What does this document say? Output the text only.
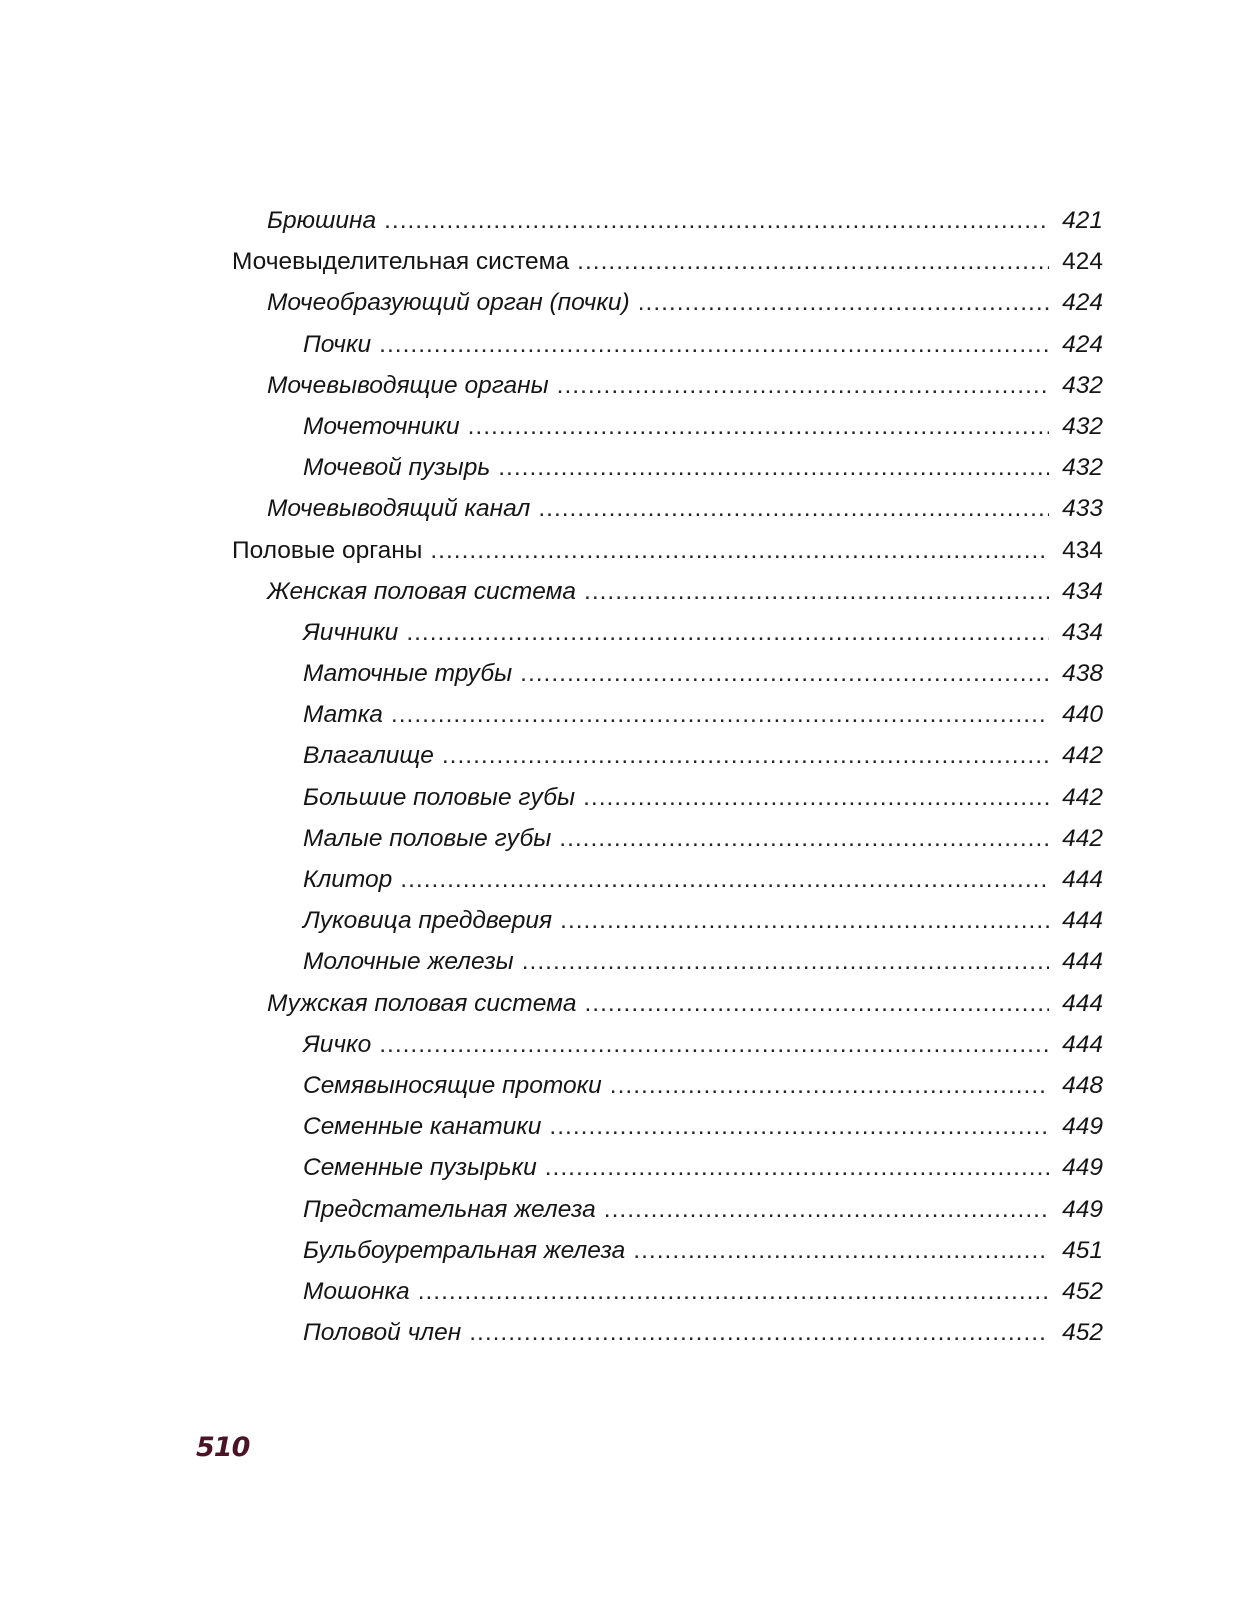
Брюшина .....	421
Мочевыделительная система .....	424
Мочеобразующий орган (почки) .....	424
Почки .....	424
Мочевыводящие органы .....	432
Мочеточники .....	432
Мочевой пузырь .....	432
Мочевыводящий канал .....	433
Половые органы .....	434
Женская половая система .....	434
Яичники .....	434
Маточные трубы .....	438
Матка .....	440
Влагалище .....	442
Большие половые губы .....	442
Малые половые губы .....	442
Клитор .....	444
Луковица преддверия .....	444
Молочные железы .....	444
Мужская половая система .....	444
Яичко .....	444
Семявыносящие протоки .....	448
Семенные канатики .....	449
Семенные пузырьки .....	449
Предстательная железа .....	449
Бульбоуретральная железа .....	451
Мошонка .....	452
Половой член .....	452
510
